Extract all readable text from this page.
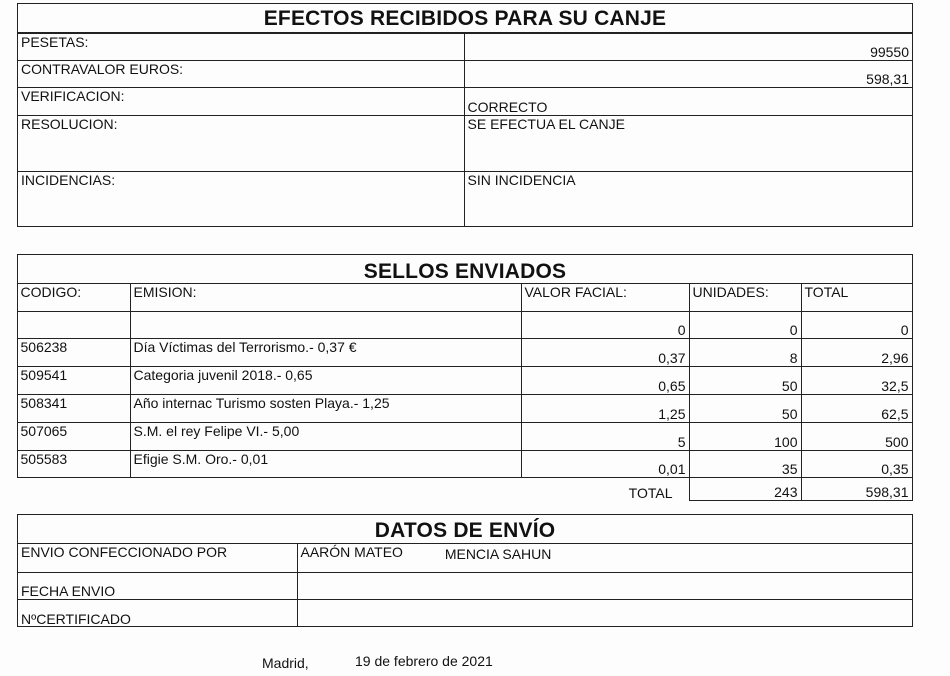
EFECTOS RECIBIDOS PARA SU CANJE
PESETAS:	99550
CONTRAVALOR EUROS:	598,31
VERIFICACION:	CORRECTO
RESOLUCION:	SE EFECTUA EL CANJE
INCIDENCIAS:	SIN INCIDENCIA
SELLOS ENVIADOS
CODIGO:	EMISION:	VALOR FACIAL:	UNIDADES:	TOTAL
		0	0	0
506238	Día Víctimas del Terrorismo.- 0,37 €	0,37	8	2,96
509541	Categoria juvenil 2018.- 0,65	0,65	50	32,5
508341	Año internac Turismo sosten Playa.- 1,25	1,25	50	62,5
507065	S.M. el rey Felipe VI.- 5,00	5	100	500
505583	Efigie S.M. Oro.- 0,01	0,01	35	0,35
		TOTAL	243	598,31
DATOS DE ENVÍO
ENVIO CONFECCIONADO POR	AARÓN MATEO MENCIA SAHUN
FECHA ENVIO	
NºCERTIFICADO	
Madrid,	19 de febrero de 2021
